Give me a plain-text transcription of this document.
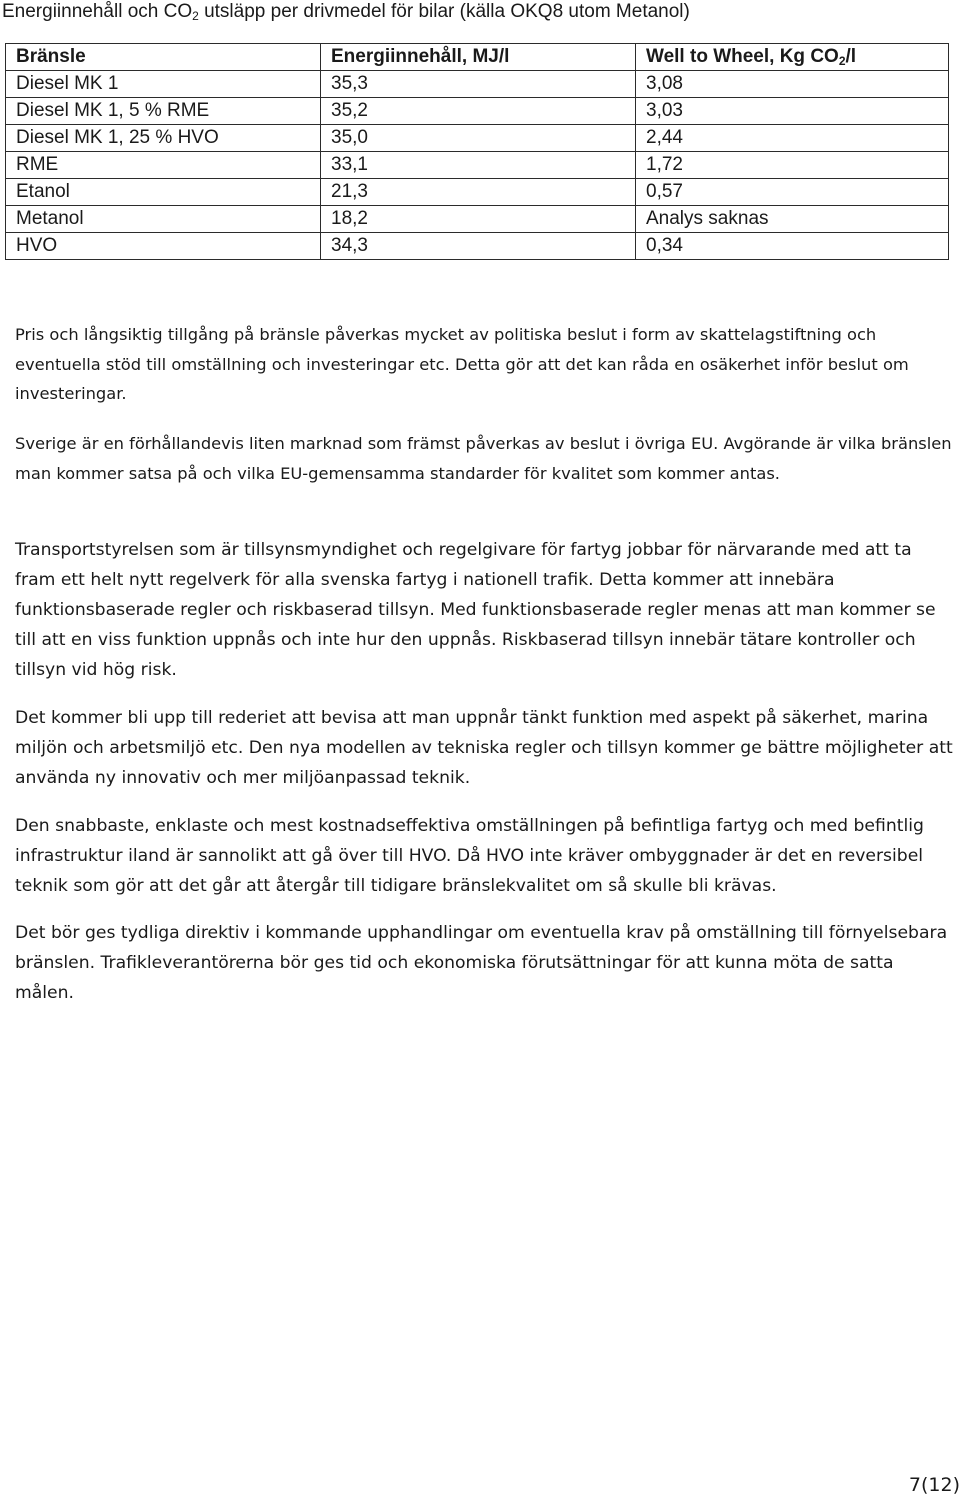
Energiinnehåll och $CO_2$ utsläpp per drivmedel för bilar (källa OKQ8 utom Metanol)
Bränsle	Energiinnehåll, MJ/l	Well to Wheel, Kg $CO_2/l$
Diesel MK 1	35,3	3,08
Diesel MK 1, 5 % RME	35,2	3,03
Diesel MK 1, 25 % HVO	35,0	2,44
RME	33,1	1,72
Etanol	21,3	0,57
Metanol	18,2	Analys saknas
HVO	34,3	0,34

Pris och långsiktig tillgång på bränsle påverkas mycket av politiska beslut i form av skattelagstiftning och eventuella stöd till omställning och investeringar etc. Detta gör att det kan råda en osäkerhet inför beslut om investeringar.

Sverige är en förhållandevis liten marknad som främst påverkas av beslut i övriga EU. Avgörande är vilka bränslen man kommer satsa på och vilka EU-gemensamma standarder för kvalitet som kommer antas.

Transportstyrelsen som är tillsynsmyndighet och regelgivare för fartyg jobbar för närvarande med att ta fram ett helt nytt regelverk för alla svenska fartyg i nationell trafik. Detta kommer att innebära funktionsbaserade regler och riskbaserad tillsyn. Med funktionsbaserade regler menas att man kommer se till att en viss funktion uppnås och inte hur den uppnås. Riskbaserad tillsyn innebär tätare kontroller och tillsyn vid hög risk.

Det kommer bli upp till rederiet att bevisa att man uppnår tänkt funktion med aspekt på säkerhet, marina miljön och arbetsmiljö etc. Den nya modellen av tekniska regler och tillsyn kommer ge bättre möjligheter att använda ny innovativ och mer miljöanpassad teknik.

Den snabbaste, enklaste och mest kostnadseffektiva omställningen på befintliga fartyg och med befintlig infrastruktur iland är sannolikt att gå över till HVO. Då HVO inte kräver ombyggnader är det en reversibel teknik som gör att det går att återgår till tidigare bränslekvalitet om så skulle bli krävas.

Det bör ges tydliga direktiv i kommande upphandlingar om eventuella krav på omställning till förnyelsebara bränslen. Trafikleverantörerna bör ges tid och ekonomiska förutsättningar för att kunna möta de satta målen.

7(12)
